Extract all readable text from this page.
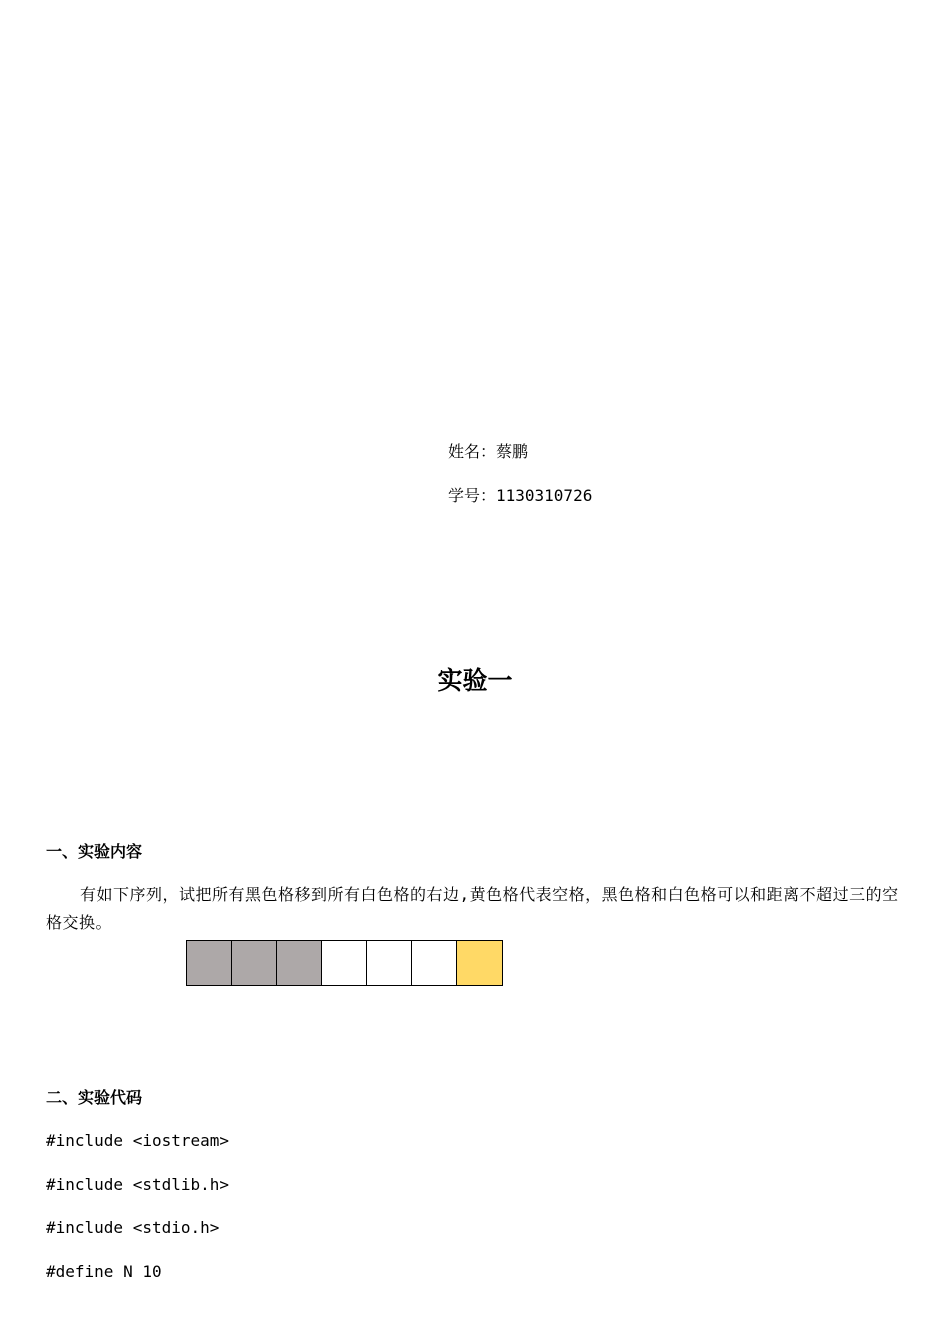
姓名：蔡鹏
学号：1130310726
实验一
一、实验内容
有如下序列，试把所有黑色格移到所有白色格的右边,黄色格代表空格，黑色格和白色格可以和距离不超过三的空格交换。
二、实验代码
#include <iostream>
#include <stdlib.h>
#include <stdio.h>
#define N 10
